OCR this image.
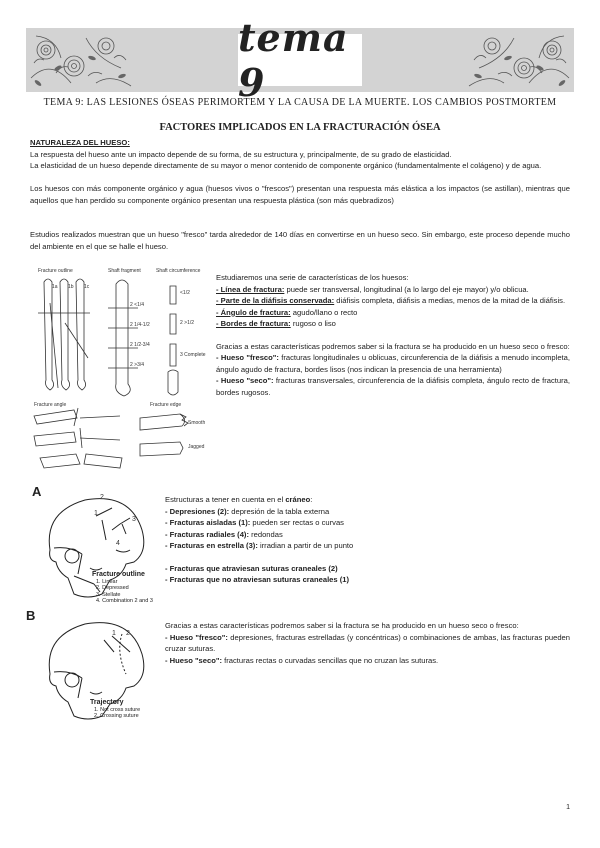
tema 9
TEMA 9: LAS LESIONES ÓSEAS PERIMORTEM Y LA CAUSA DE LA MUERTE. LOS CAMBIOS POSTMORTEM
FACTORES IMPLICADOS EN LA FRACTURACIÓN ÓSEA
NATURALEZA DEL HUESO:
La respuesta del hueso ante un impacto depende de su forma, de su estructura y, principalmente, de su grado de elasticidad.
La elasticidad de un hueso depende directamente de su mayor o menor contenido de componente orgánico (fundamentalmente el colágeno) y de agua.
Los huesos con más componente orgánico y agua (huesos vivos o "frescos") presentan una respuesta más elástica a los impactos (se astillan), mientras que aquellos que han perdido su componente orgánico presentan una respuesta plástica (son más quebradizos)
Estudios realizados muestran que un hueso "fresco" tarda alrededor de 140 días en convertirse en un hueso seco. Sin embargo, este proceso depende mucho del ambiente en el que se halle el hueso.
Fracture outline	Shaft fragment	Shaft circumference
Fracture angle	Fracture edge
1a 1b 1c
2 <1/4
2 1/4-1/2
2 1/2-3/4
2 >3/4
<1/2
2 >1/2
3 Complete
Smooth
Jagged
Estudiaremos una serie de características de los huesos:
- Línea de fractura: puede ser transversal, longitudinal (a lo largo del eje mayor) y/o oblicua.
- Parte de la diáfisis conservada: diáfisis completa, diáfisis a medias, menos de la mitad de la diáfisis.
- Ángulo de fractura: agudo/llano o recto
- Bordes de fractura: rugoso o liso
Gracias a estas características podremos saber si la fractura se ha producido en un hueso seco o fresco:
- Hueso "fresco": fracturas longitudinales u oblicuas, circunferencia de la diáfisis a menudo incompleta, ángulo agudo de fractura, bordes lisos (nos indican la presencia de una herramienta)
- Hueso "seco": fracturas transversales, circunferencia de la diáfisis completa, ángulo recto de fractura, bordes rugosos.
A	2
1
3
4
Fracture outline
1. Linear
2. Depressed
3. Stellate
4. Combination 2 and 3
B
1 2
Trajectory
1. Not cross suture
2. Crossing suture
Estructuras a tener en cuenta en el cráneo:
- Depresiones (2): depresión de la tabla externa
- Fracturas aisladas (1): pueden ser rectas o curvas
- Fracturas radiales (4): redondas
- Fracturas en estrella (3): irradian a partir de un punto
- Fracturas que atraviesan suturas craneales (2)
- Fracturas que no atraviesan suturas craneales (1)
Gracias a estas características podremos saber si la fractura se ha producido en un hueso seco o fresco:
- Hueso "fresco": depresiones, fracturas estrelladas (y concéntricas) o combinaciones de ambas, las fracturas pueden cruzar suturas.
- Hueso "seco": fracturas rectas o curvadas sencillas que no cruzan las suturas.
1
